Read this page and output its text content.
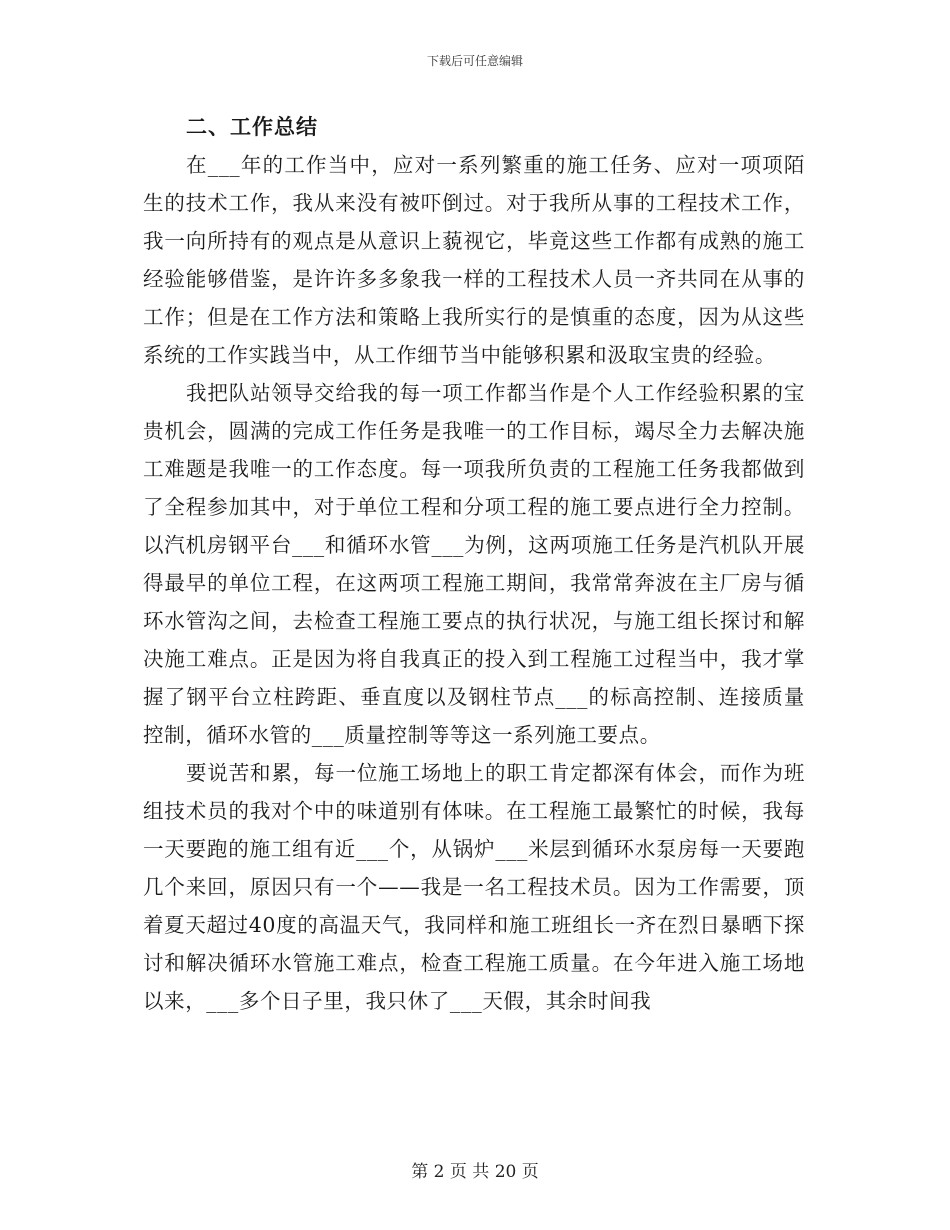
下载后可任意编辑
二、工作总结

在___年的工作当中，应对一系列繁重的施工任务、应对一项项陌生的技术工作，我从来没有被吓倒过。对于我所从事的工程技术工作，我一向所持有的观点是从意识上藐视它，毕竟这些工作都有成熟的施工经验能够借鉴，是许许多多象我一样的工程技术人员一齐共同在从事的工作；但是在工作方法和策略上我所实行的是慎重的态度，因为从这些系统的工作实践当中，从工作细节当中能够积累和汲取宝贵的经验。

我把队站领导交给我的每一项工作都当作是个人工作经验积累的宝贵机会，圆满的完成工作任务是我唯一的工作目标，竭尽全力去解决施工难题是我唯一的工作态度。每一项我所负责的工程施工任务我都做到了全程参加其中，对于单位工程和分项工程的施工要点进行全力控制。以汽机房钢平台___和循环水管___为例，这两项施工任务是汽机队开展得最早的单位工程，在这两项工程施工期间，我常常奔波在主厂房与循环水管沟之间，去检查工程施工要点的执行状况，与施工组长探讨和解决施工难点。正是因为将自我真正的投入到工程施工过程当中，我才掌握了钢平台立柱跨距、垂直度以及钢柱节点___的标高控制、连接质量控制，循环水管的___质量控制等等这一系列施工要点。

要说苦和累，每一位施工场地上的职工肯定都深有体会，而作为班组技术员的我对个中的味道别有体味。在工程施工最繁忙的时候，我每一天要跑的施工组有近___个，从锅炉___米层到循环水泵房每一天要跑几个来回，原因只有一个——我是一名工程技术员。因为工作需要，顶着夏天超过40度的高温天气，我同样和施工班组长一齐在烈日暴晒下探讨和解决循环水管施工难点，检查工程施工质量。在今年进入施工场地以来，___多个日子里，我只休了___天假，其余时间我

第 2 页 共 20 页
